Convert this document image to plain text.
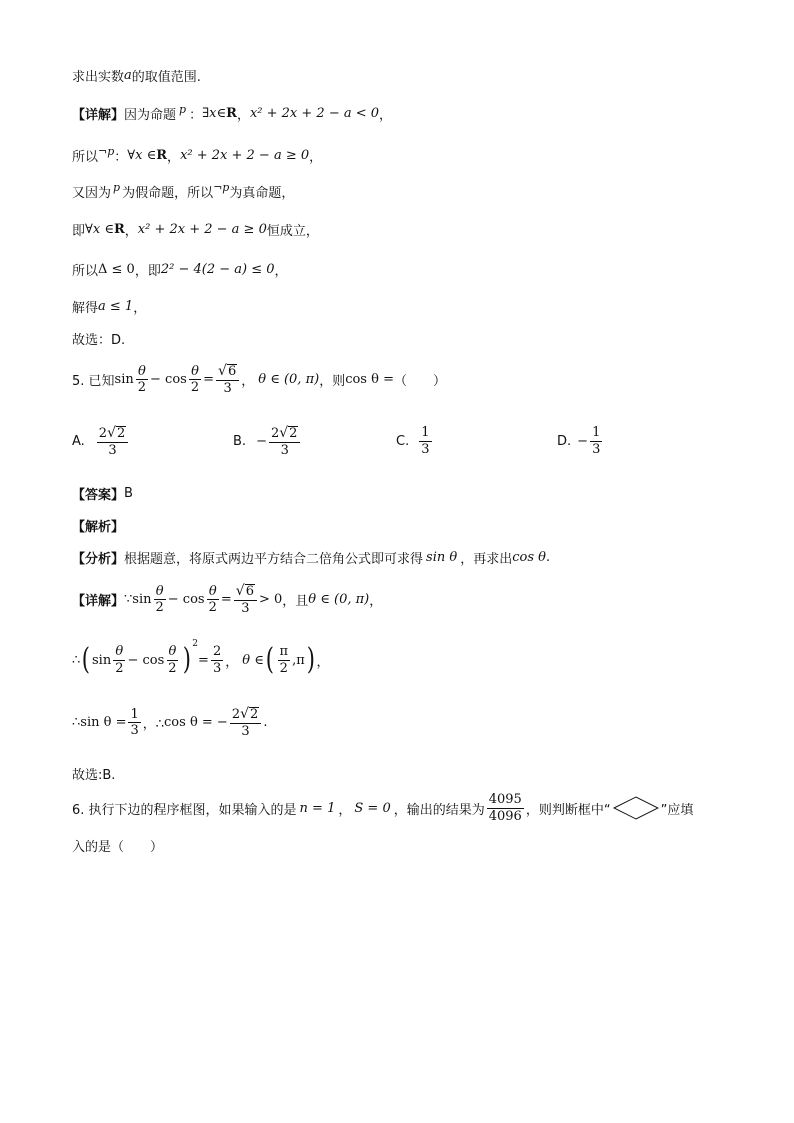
求出实数 a 的取值范围.
【详解】 因为命题 p ： ∃ x ∈ R ， x² + 2x + 2 − a < 0 ，
所以 ¬p ： ∀x ∈ R ， x² + 2x + 2 − a ≥ 0 ，
又因为 p 为假命题，所以 ¬p 为真命题，
即 ∀x ∈ R ， x² + 2x + 2 − a ≥ 0 恒成立，
所以 Δ ≤ 0 ，即 2² − 4(2 − a) ≤ 0 ，
解得 a ≤ 1 ，
故选：D.
5. 已知 $\sin \frac{\theta}{2} - \cos \frac{\theta}{2} = \frac{√ 6}{3}$ ， θ ∈ (0, π) ，则 cos θ = （　　）
A. $\frac{2 √ 2}{3}$	B. − $\frac{2 √ 2}{3}$	C. $\frac{1}{3}$	D. − $\frac{1}{3}$
【答案】 B
【解析】
【分析】 根据题意，将原式两边平方结合二倍角公式即可求得 sin θ ，再求出 cos θ .
【详解】 ∵ $\sin \frac{\theta}{2} - \cos \frac{\theta}{2} = \frac{√ 6}{3} > 0$ ，且 θ ∈ (0, π) ，
∴ ( $\sin \frac{\theta}{2} - \cos \frac{\theta}{2} )^2$
= $\frac{2}{3}$ ， θ ∈ ( $\frac{\pi}{2}$ , π ) ，
∴ $\sin \theta = \frac{1}{3}$ ，∴ cos θ = − $\frac{2 √ 2}{3}$ .
故选:B.
6. 执行下边的程序框图，如果输入的是 n = 1 ， S = 0 ，输出的结果为 $\frac{4095}{4096}$ ，则判断框中“	”应填
入的是（　　）
